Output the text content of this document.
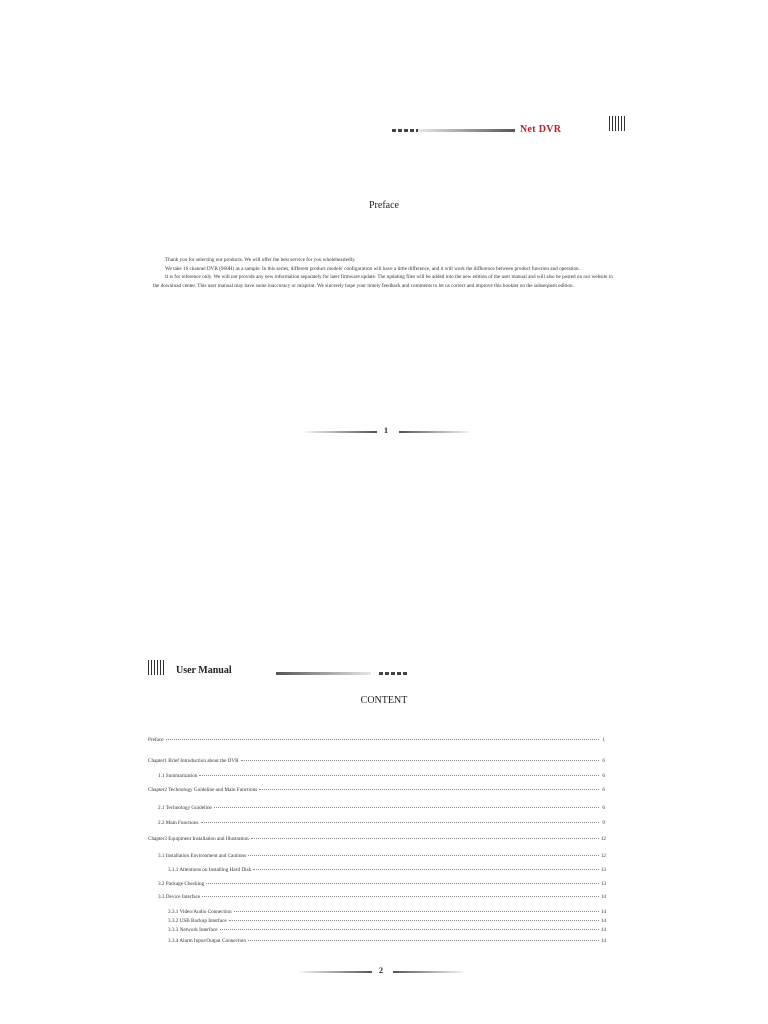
Net DVR
Preface

Thank you for selecting our products. We will offer the best service for you wholeheartedly.

We take 16 channel DVR (960H) as a sample. In this series, different product models' configuration will have a little difference, and it will work the difference between product function and operation.

It is for reference only. We will not provide any new information separately for later firmware update. The updating files will be added into the new edition of the user manual and will also be posted on our website in the download center. This user manual may have some inaccuracy or misprint. We sincerely hope your timely feedback and comments to let us correct and improve this booklet on the subsequent edition.

1
User Manual
CONTENT
Preface	1
Chapter1 Brief Introduction about the DVR	6
1.1 Summarization	6
Chapter2 Technology Guideline and Main Functions	6
2.1 Technology Guideline	6
2.2 Main Functions	9
Chapter3 Equipment Installation and Illustration	12
3.1 Installation Environment and Cautions	12
3.1.1 Attentions on Installing Hard Disk	13
3.2 Package Checking	13
3.3 Device Interface	14
3.3.1 Video/Audio Connection	14
3.3.2 USB Backup Interface	14
3.3.3 Network Interface	14
3.3.4 Alarm Input/Output Connection	14
2
